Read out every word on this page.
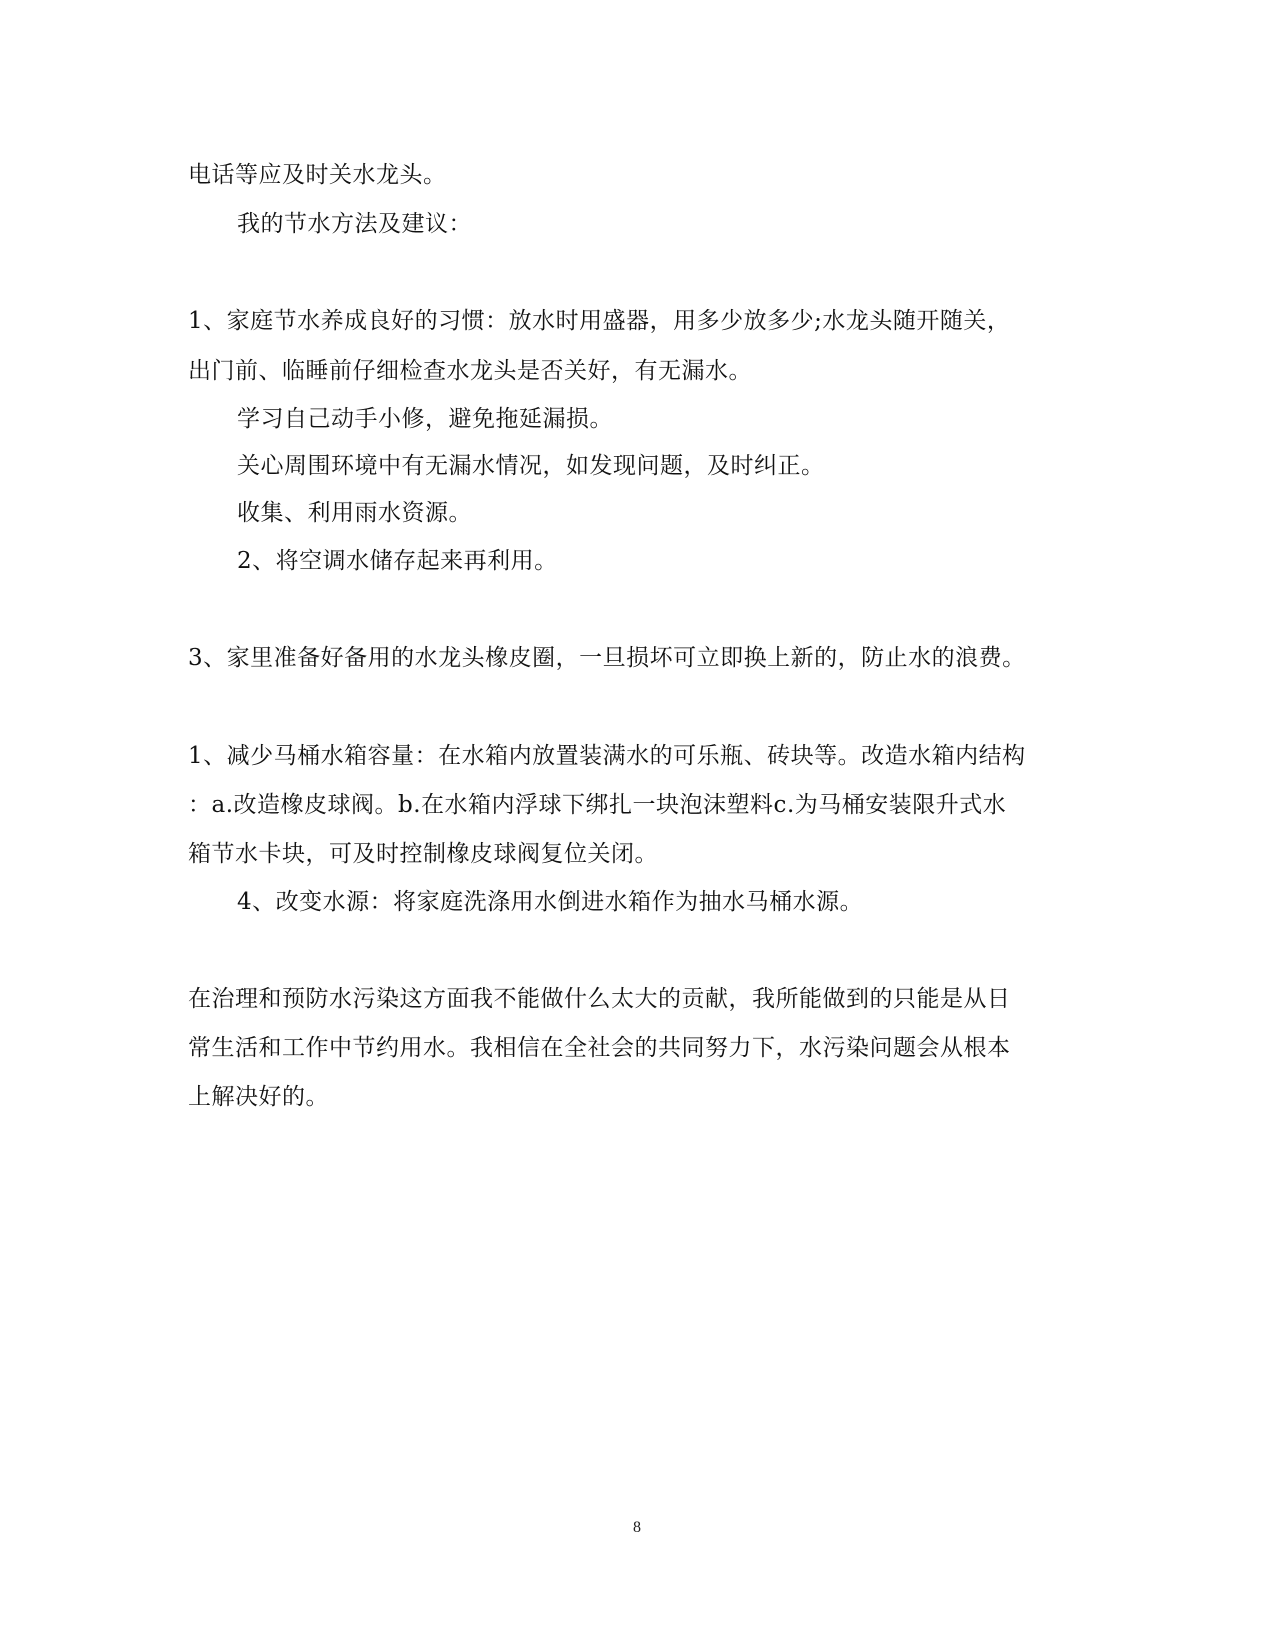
电话等应及时关水龙头。
我的节水方法及建议：
1、家庭节水养成良好的习惯：放水时用盛器，用多少放多少;水龙头随开随关，
出门前、临睡前仔细检查水龙头是否关好，有无漏水。
学习自己动手小修，避免拖延漏损。
关心周围环境中有无漏水情况，如发现问题，及时纠正。
收集、利用雨水资源。
2、将空调水储存起来再利用。
3、家里准备好备用的水龙头橡皮圈，一旦损坏可立即换上新的，防止水的浪费。
1、减少马桶水箱容量：在水箱内放置装满水的可乐瓶、砖块等。改造水箱内结构
：a.改造橡皮球阀。b.在水箱内浮球下绑扎一块泡沫塑料c.为马桶安装限升式水
箱节水卡块，可及时控制橡皮球阀复位关闭。
4、改变水源：将家庭洗涤用水倒进水箱作为抽水马桶水源。
在治理和预防水污染这方面我不能做什么太大的贡献，我所能做到的只能是从日
常生活和工作中节约用水。我相信在全社会的共同努力下，水污染问题会从根本
上解决好的。
8
